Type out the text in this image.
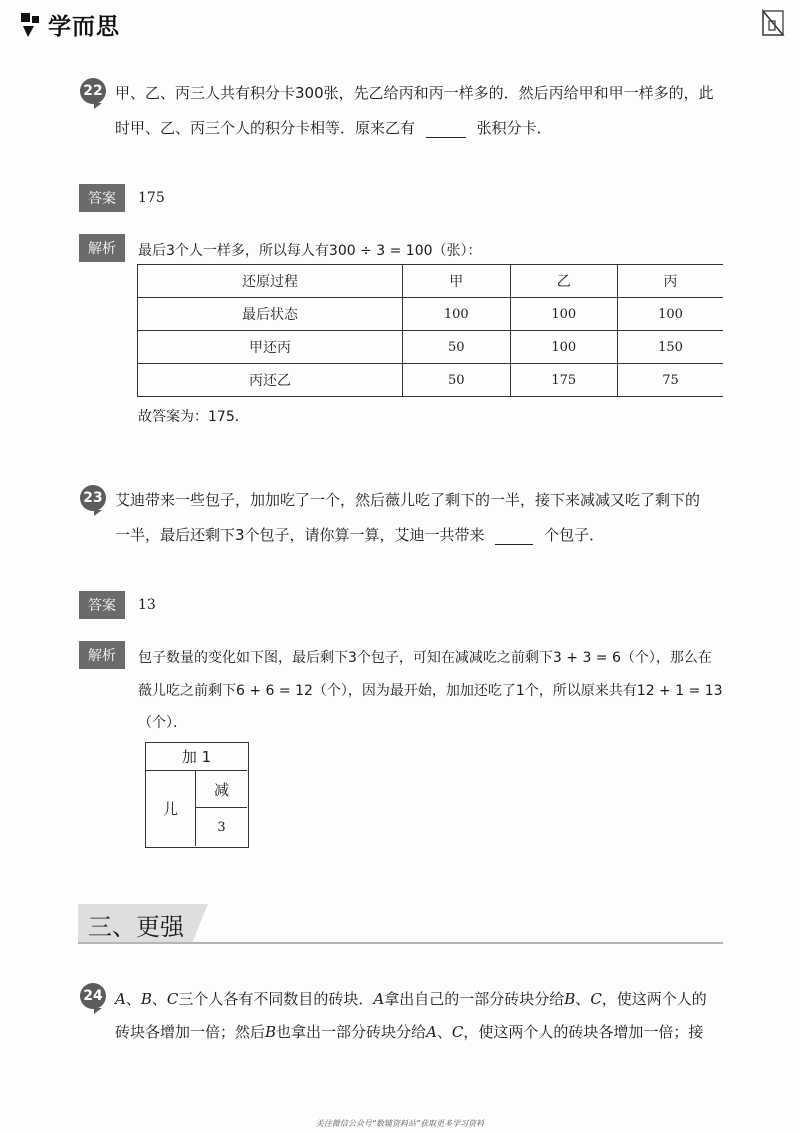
学而思
22 甲、乙、丙三人共有积分卡300张，先乙给丙和丙一样多的．然后丙给甲和甲一样多的，此
时甲、乙、丙三个人的积分卡相等．原来乙有	张积分卡．
答案	175
解析	最后3个人一样多，所以每人有300 ÷ 3 = 100（张）：
还原过程	甲	乙	丙
最后状态	100	100	100
甲还丙	50	100	150
丙还乙	50	175	75
故答案为：175．
23 艾迪带来一些包子，加加吃了一个，然后薇儿吃了剩下的一半，接下来减减又吃了剩下的
一半，最后还剩下3个包子，请你算一算，艾迪一共带来	个包子．
答案	13
解析	包子数量的变化如下图，最后剩下3个包子，可知在减减吃之前剩下3 + 3 = 6（个），那么在
薇儿吃之前剩下6 + 6 = 12（个），因为最开始，加加还吃了1个，所以原来共有12 + 1 = 13
（个）．
加 1
儿
减
3
三、更强
24 A、B、C三个人各有不同数目的砖块．A拿出自己的一部分砖块分给B、C，使这两个人的
砖块各增加一倍；然后B也拿出一部分砖块分给A、C，使这两个人的砖块各增加一倍；接
关注微信公众号“数辅资料站”获取更多学习资料
